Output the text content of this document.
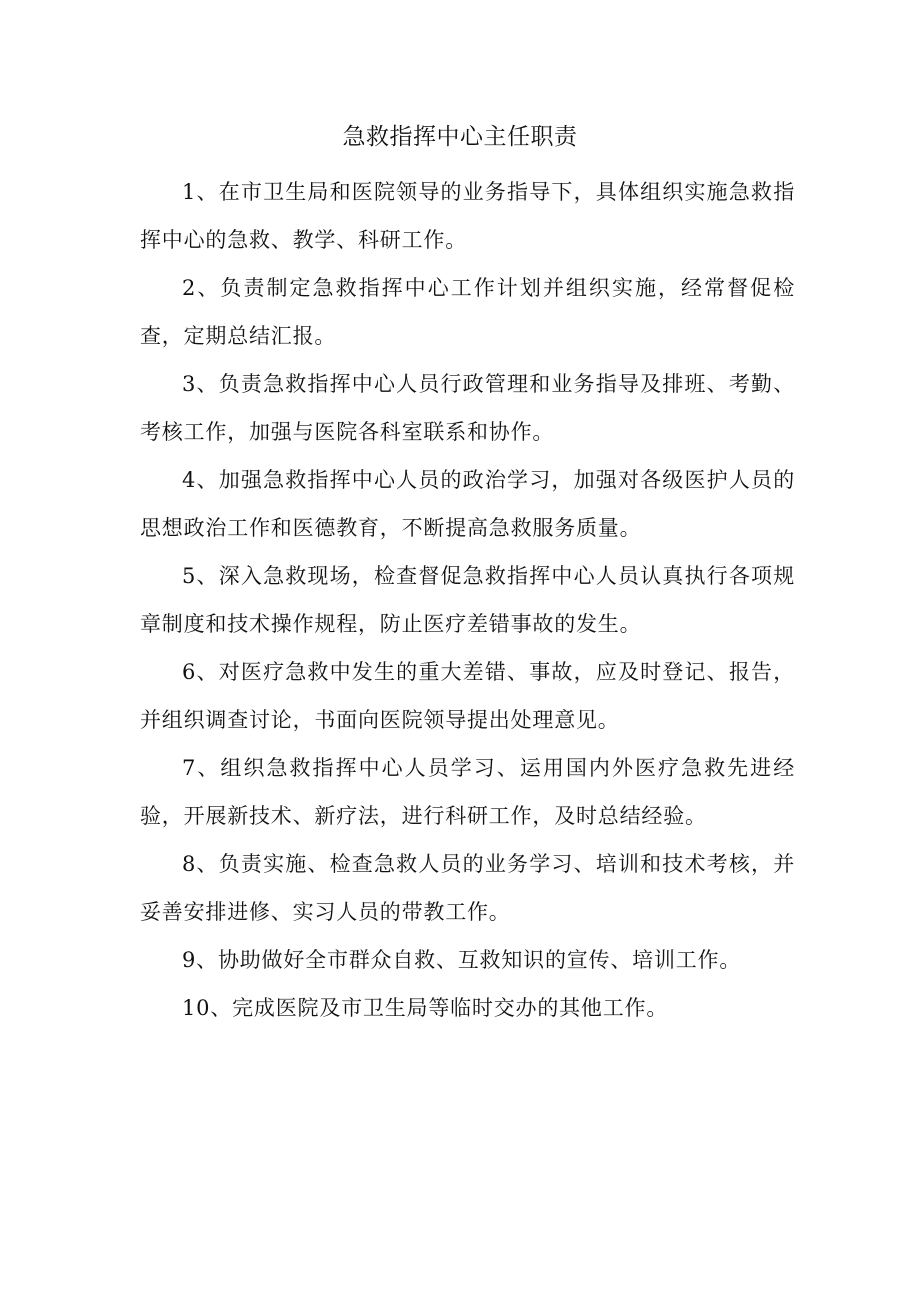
急救指挥中心主任职责

1、在市卫生局和医院领导的业务指导下，具体组织实施急救指挥中心的急救、教学、科研工作。

2、负责制定急救指挥中心工作计划并组织实施，经常督促检查，定期总结汇报。

3、负责急救指挥中心人员行政管理和业务指导及排班、考勤、考核工作，加强与医院各科室联系和协作。

4、加强急救指挥中心人员的政治学习，加强对各级医护人员的思想政治工作和医德教育，不断提高急救服务质量。

5、深入急救现场，检查督促急救指挥中心人员认真执行各项规章制度和技术操作规程，防止医疗差错事故的发生。

6、对医疗急救中发生的重大差错、事故，应及时登记、报告，并组织调查讨论，书面向医院领导提出处理意见。

7、组织急救指挥中心人员学习、运用国内外医疗急救先进经验，开展新技术、新疗法，进行科研工作，及时总结经验。

8、负责实施、检查急救人员的业务学习、培训和技术考核，并妥善安排进修、实习人员的带教工作。

9、协助做好全市群众自救、互救知识的宣传、培训工作。

10、完成医院及市卫生局等临时交办的其他工作。
